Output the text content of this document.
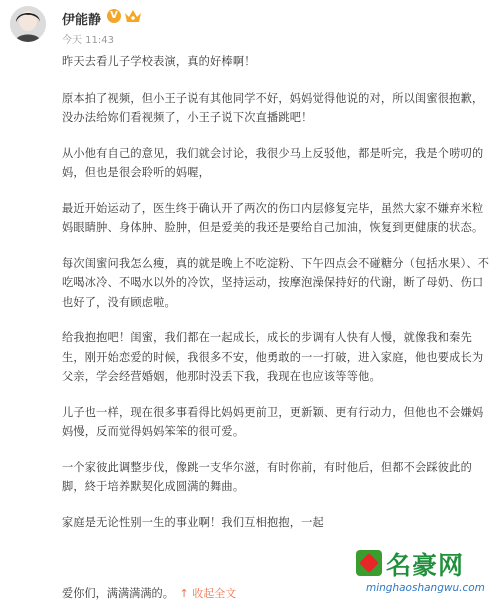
伊能静 V
今天 11:43

昨天去看儿子学校表演，真的好棒啊！

原本拍了视频，但小王子说有其他同学不好，妈妈觉得他说的对，所以闺蜜很抱歉，没办法给妳们看视频了，小王子说下次直播跳吧！

从小他有自己的意见，我们就会讨论，我很少马上反驳他，都是听完，我是个唠叨的妈，但也是很会聆听的妈喔，

最近开始运动了，医生终于确认开了两次的伤口内层修复完毕，虽然大家不嫌弃米粒妈眼睛肿、身体肿、脸肿，但是爱美的我还是要给自己加油，恢复到更健康的状态。

每次闺蜜问我怎么瘦，真的就是晚上不吃淀粉、下午四点会不碰糖分（包括水果）、不吃喝冰冷、不喝水以外的冷饮，坚持运动，按摩泡澡保持好的代谢，断了母奶、伤口也好了，没有顾虑啦。

给我抱抱吧！闺蜜，我们都在一起成长，成长的步调有人快有人慢，就像我和秦先生，刚开始恋爱的时候，我很多不安，他勇敢的一一打破，进入家庭，他也要成长为父亲，学会经营婚姻，他那时没丢下我，我现在也应该等等他。

儿子也一样，现在很多事看得比妈妈更前卫，更新颖、更有行动力，但他也不会嫌妈妈慢，反而觉得妈妈笨笨的很可爱。

一个家彼此调整步伐，像跳一支华尔滋，有时你前，有时他后，但都不会踩彼此的脚，終于培养默契化成圆满的舞曲。

家庭是无论性别一生的事业啊！我们互相抱抱，一起

爱你们，满满满满的。 ↑ 收起全文
名豪网
minghaoshangwu.com
